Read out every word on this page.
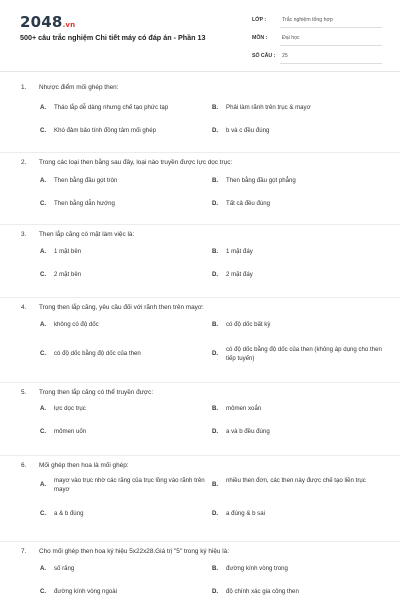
2048.vn
500+ câu trắc nghiệm Chi tiết máy có đáp án - Phần 13
LỚP :	Trắc nghiệm tổng hợp
MÔN :	Đại học
SỐ CÂU : 25
1. Nhược điểm mối ghép then:
A. Tháo lắp dễ dàng nhưng chế tạo phức tạp	B. Phải làm rãnh trên trục & mayơ
C. Khó đảm bảo tính đồng tâm mối ghép	D. b và c đều đúng
2. Trong các loại then bằng sau đây, loại nào truyền được lực dọc trục:
A. Then bằng đầu gọt tròn	B. Then bằng đầu gọt phẳng
C. Then bằng dẫn hướng	D. Tất cả đều đúng
3. Then lắp căng có mặt làm việc là:
A. 1 mặt bên	B. 1 mặt đáy
C. 2 mặt bên	D. 2 mặt đáy
4. Trong then lắp căng, yêu cầu đối với rãnh then trên mayơ:
A. không có độ dốc	B. có độ dốc bất kỳ
C. có độ dốc bằng độ dốc của then	D.
có độ dốc bằng độ dốc của then (không áp dụng cho then tiếp tuyến)
5. Trong then lắp căng có thể truyền được:
A. lực dọc trục	B. mômen xoắn
C. mômen uốn	D. a và b đều đúng
6. Mối ghép then hoa là mối ghép:
A.
mayơ vào trục nhờ các răng của trục lồng vào rãnh trên mayơ
B.
nhiều then đơn, các then này được chế tạo liền trục
C. a & b đúng	D. a đúng & b sai
7. Cho mối ghép then hoa ký hiệu 5x22x28.Giá trị "5" trong ký hiệu là:
A. số răng	B. đường kính vòng trong
C. đường kính vòng ngoài	D. độ chính xác gia công then
